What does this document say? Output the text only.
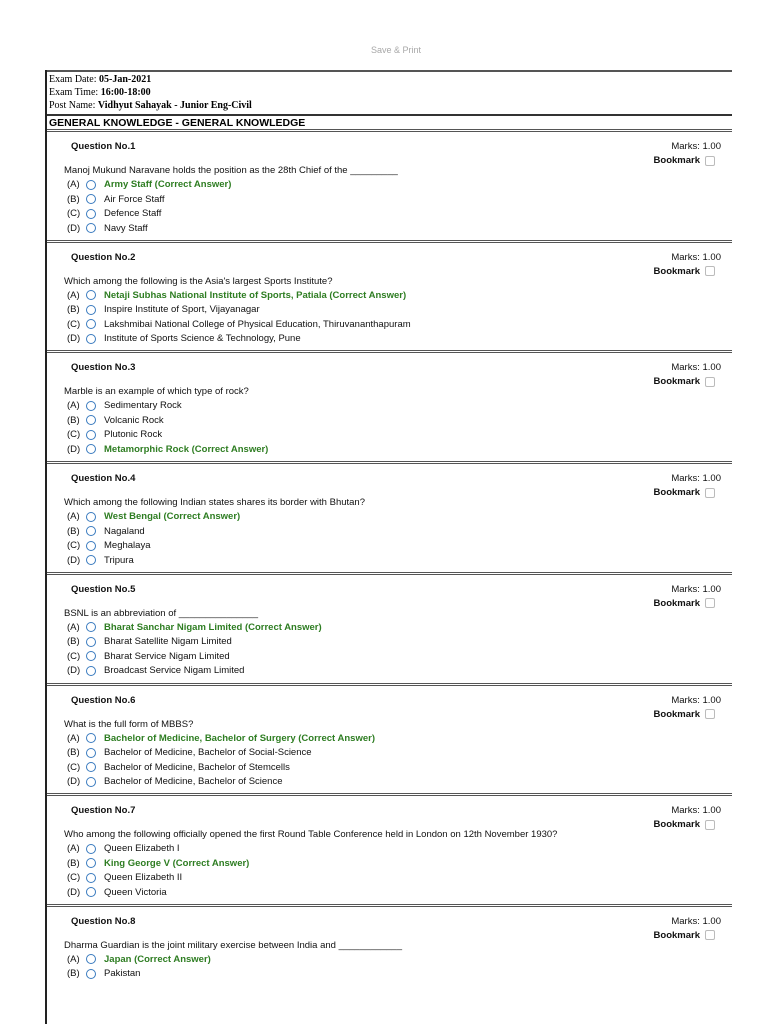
Save & Print
Exam Date: 05-Jan-2021
Exam Time: 16:00-18:00
Post Name: Vidhyut Sahayak - Junior Eng-Civil
GENERAL KNOWLEDGE - GENERAL KNOWLEDGE
Question No.1	Marks: 1.00
Bookmark
Manoj Mukund Naravane holds the position as the 28th Chief of the _________
(A)	Army Staff (Correct Answer)
(B)	Air Force Staff
(C)	Defence Staff
(D)	Navy Staff
Question No.2	Marks: 1.00
Bookmark
Which among the following is the Asia's largest Sports Institute?
(A)	Netaji Subhas National Institute of Sports, Patiala (Correct Answer)
(B)	Inspire Institute of Sport, Vijayanagar
(C)	Lakshmibai National College of Physical Education, Thiruvananthapuram
(D)	Institute of Sports Science & Technology, Pune
Question No.3	Marks: 1.00
Bookmark
Marble is an example of which type of rock?
(A)	Sedimentary Rock
(B)	Volcanic Rock
(C)	Plutonic Rock
(D)	Metamorphic Rock (Correct Answer)
Question No.4	Marks: 1.00
Bookmark
Which among the following Indian states shares its border with Bhutan?
(A)	West Bengal (Correct Answer)
(B)	Nagaland
(C)	Meghalaya
(D)	Tripura
Question No.5	Marks: 1.00
Bookmark
BSNL is an abbreviation of _______________
(A)	Bharat Sanchar Nigam Limited (Correct Answer)
(B)	Bharat Satellite Nigam Limited
(C)	Bharat Service Nigam Limited
(D)	Broadcast Service Nigam Limited
Question No.6	Marks: 1.00
Bookmark
What is the full form of MBBS?
(A)	Bachelor of Medicine, Bachelor of Surgery (Correct Answer)
(B)	Bachelor of Medicine, Bachelor of Social-Science
(C)	Bachelor of Medicine, Bachelor of Stemcells
(D)	Bachelor of Medicine, Bachelor of Science
Question No.7	Marks: 1.00
Bookmark
Who among the following officially opened the first Round Table Conference held in London on 12th November 1930?
(A)	Queen Elizabeth I
(B)	King George V (Correct Answer)
(C)	Queen Elizabeth II
(D)	Queen Victoria
Question No.8	Marks: 1.00
Bookmark
Dharma Guardian is the joint military exercise between India and ____________
(A)	Japan (Correct Answer)
(B)	Pakistan
